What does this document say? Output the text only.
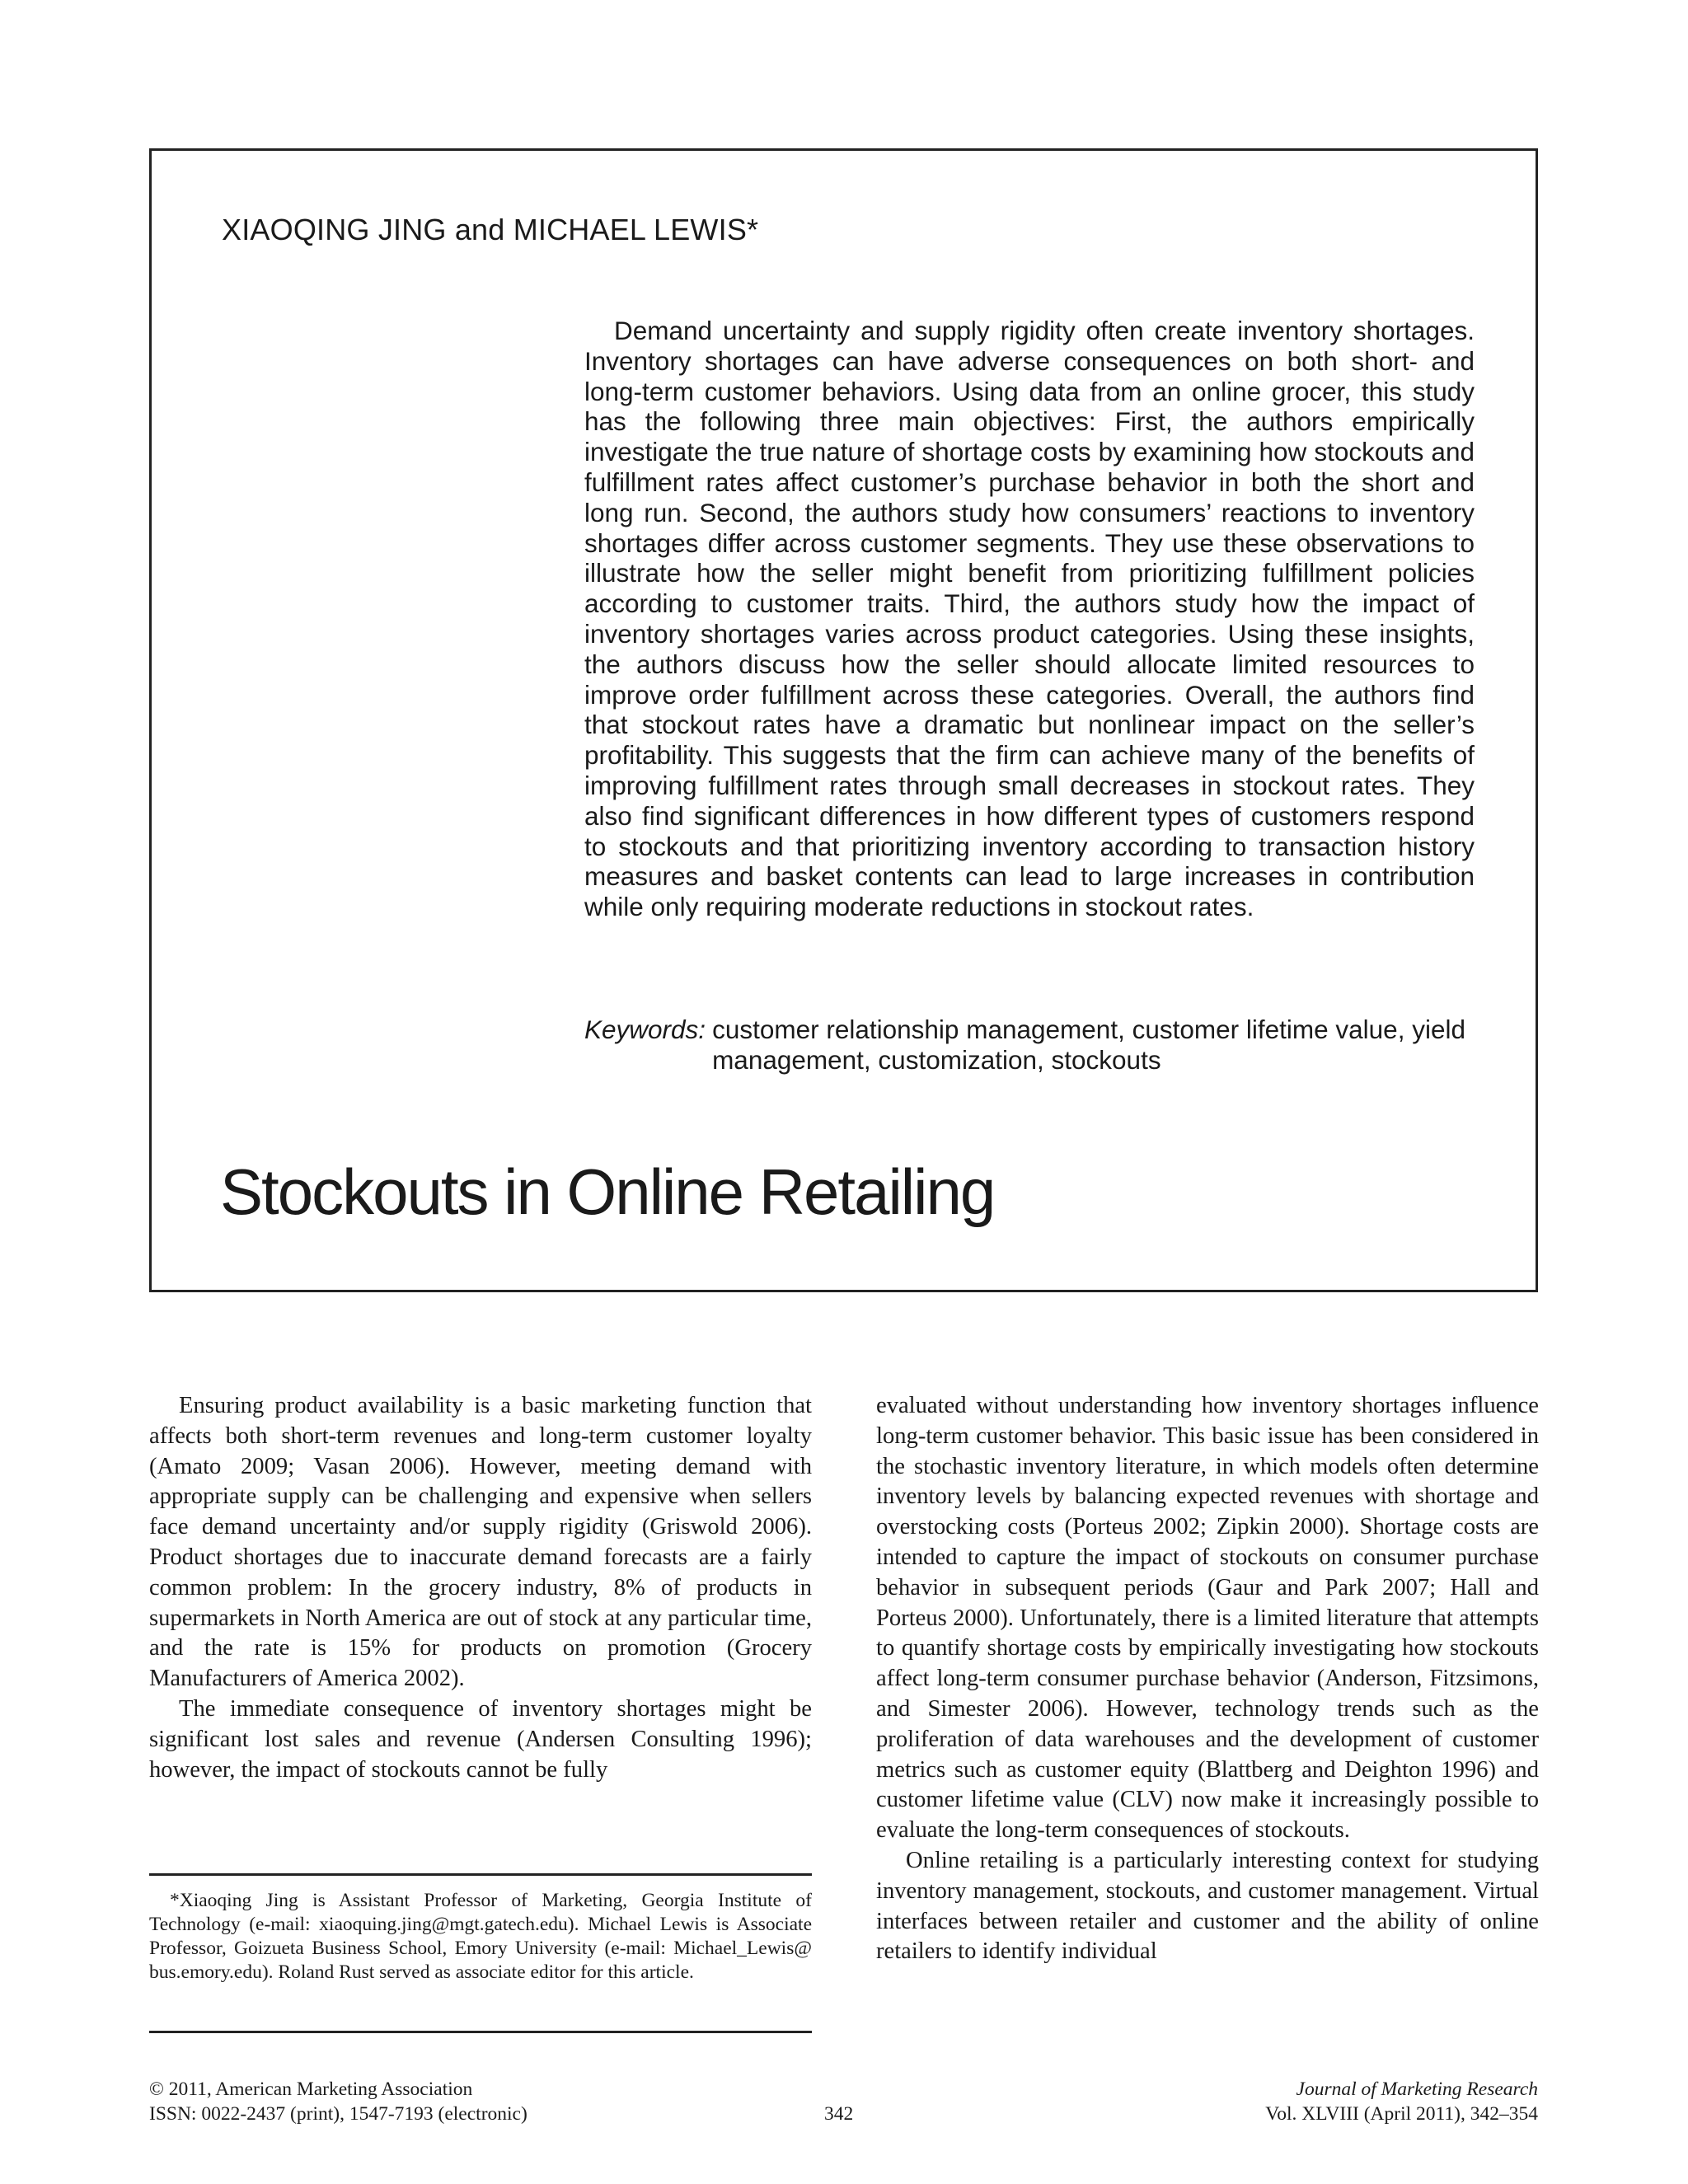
XIAOQING JING and MICHAEL LEWIS*

Demand uncertainty and supply rigidity often create inventory shortages. Inventory shortages can have adverse consequences on both short- and long-term customer behaviors. Using data from an online grocer, this study has the following three main objectives: First, the authors empirically investigate the true nature of shortage costs by examining how stockouts and fulfillment rates affect customer’s purchase behavior in both the short and long run. Second, the authors study how consumers’ reactions to inventory shortages differ across customer segments. They use these observations to illustrate how the seller might benefit from prioritizing fulfillment policies according to customer traits. Third, the authors study how the impact of inventory shortages varies across product categories. Using these insights, the authors discuss how the seller should allocate limited resources to improve order fulfillment across these categories. Overall, the authors find that stockout rates have a dramatic but nonlinear impact on the seller’s profitability. This suggests that the firm can achieve many of the benefits of improving fulfillment rates through small decreases in stockout rates. They also find significant differences in how different types of customers respond to stockouts and that prioritizing inventory according to transaction history measures and basket contents can lead to large increases in contribution while only requiring moderate reductions in stockout rates.

Keywords: customer relationship management, customer lifetime value, yield management, customization, stockouts
Stockouts in Online Retailing

Ensuring product availability is a basic marketing function that affects both short-term revenues and long-term customer loyalty (Amato 2009; Vasan 2006). However, meeting demand with appropriate supply can be challenging and expensive when sellers face demand uncertainty and/or supply rigidity (Griswold 2006). Product shortages due to inaccurate demand forecasts are a fairly common problem: In the grocery industry, 8% of products in supermarkets in North America are out of stock at any particular time, and the rate is 15% for products on promotion (Grocery Manufacturers of America 2002).

The immediate consequence of inventory shortages might be significant lost sales and revenue (Andersen Consulting 1996); however, the impact of stockouts cannot be fully

evaluated without understanding how inventory shortages influence long-term customer behavior. This basic issue has been considered in the stochastic inventory literature, in which models often determine inventory levels by balancing expected revenues with shortage and overstocking costs (Porteus 2002; Zipkin 2000). Shortage costs are intended to capture the impact of stockouts on consumer purchase behavior in subsequent periods (Gaur and Park 2007; Hall and Porteus 2000). Unfortunately, there is a limited literature that attempts to quantify shortage costs by empirically investigating how stockouts affect long-term consumer purchase behavior (Anderson, Fitzsimons, and Simester 2006). However, technology trends such as the proliferation of data warehouses and the development of customer metrics such as customer equity (Blattberg and Deighton 1996) and customer lifetime value (CLV) now make it increasingly possible to evaluate the long-term consequences of stockouts.

Online retailing is a particularly interesting context for studying inventory management, stockouts, and customer management. Virtual interfaces between retailer and customer and the ability of online retailers to identify individual

*Xiaoqing Jing is Assistant Professor of Marketing, Georgia Institute of Technology (e-mail: xiaoquing.jing@mgt.gatech.edu). Michael Lewis is Associate Professor, Goizueta Business School, Emory University (e-mail: Michael_Lewis@ bus.emory.edu). Roland Rust served as associate editor for this article.

© 2011, American Marketing Association
ISSN: 0022-2437 (print), 1547-7193 (electronic)	342
Journal of Marketing Research
Vol. XLVIII (April 2011), 342–354
